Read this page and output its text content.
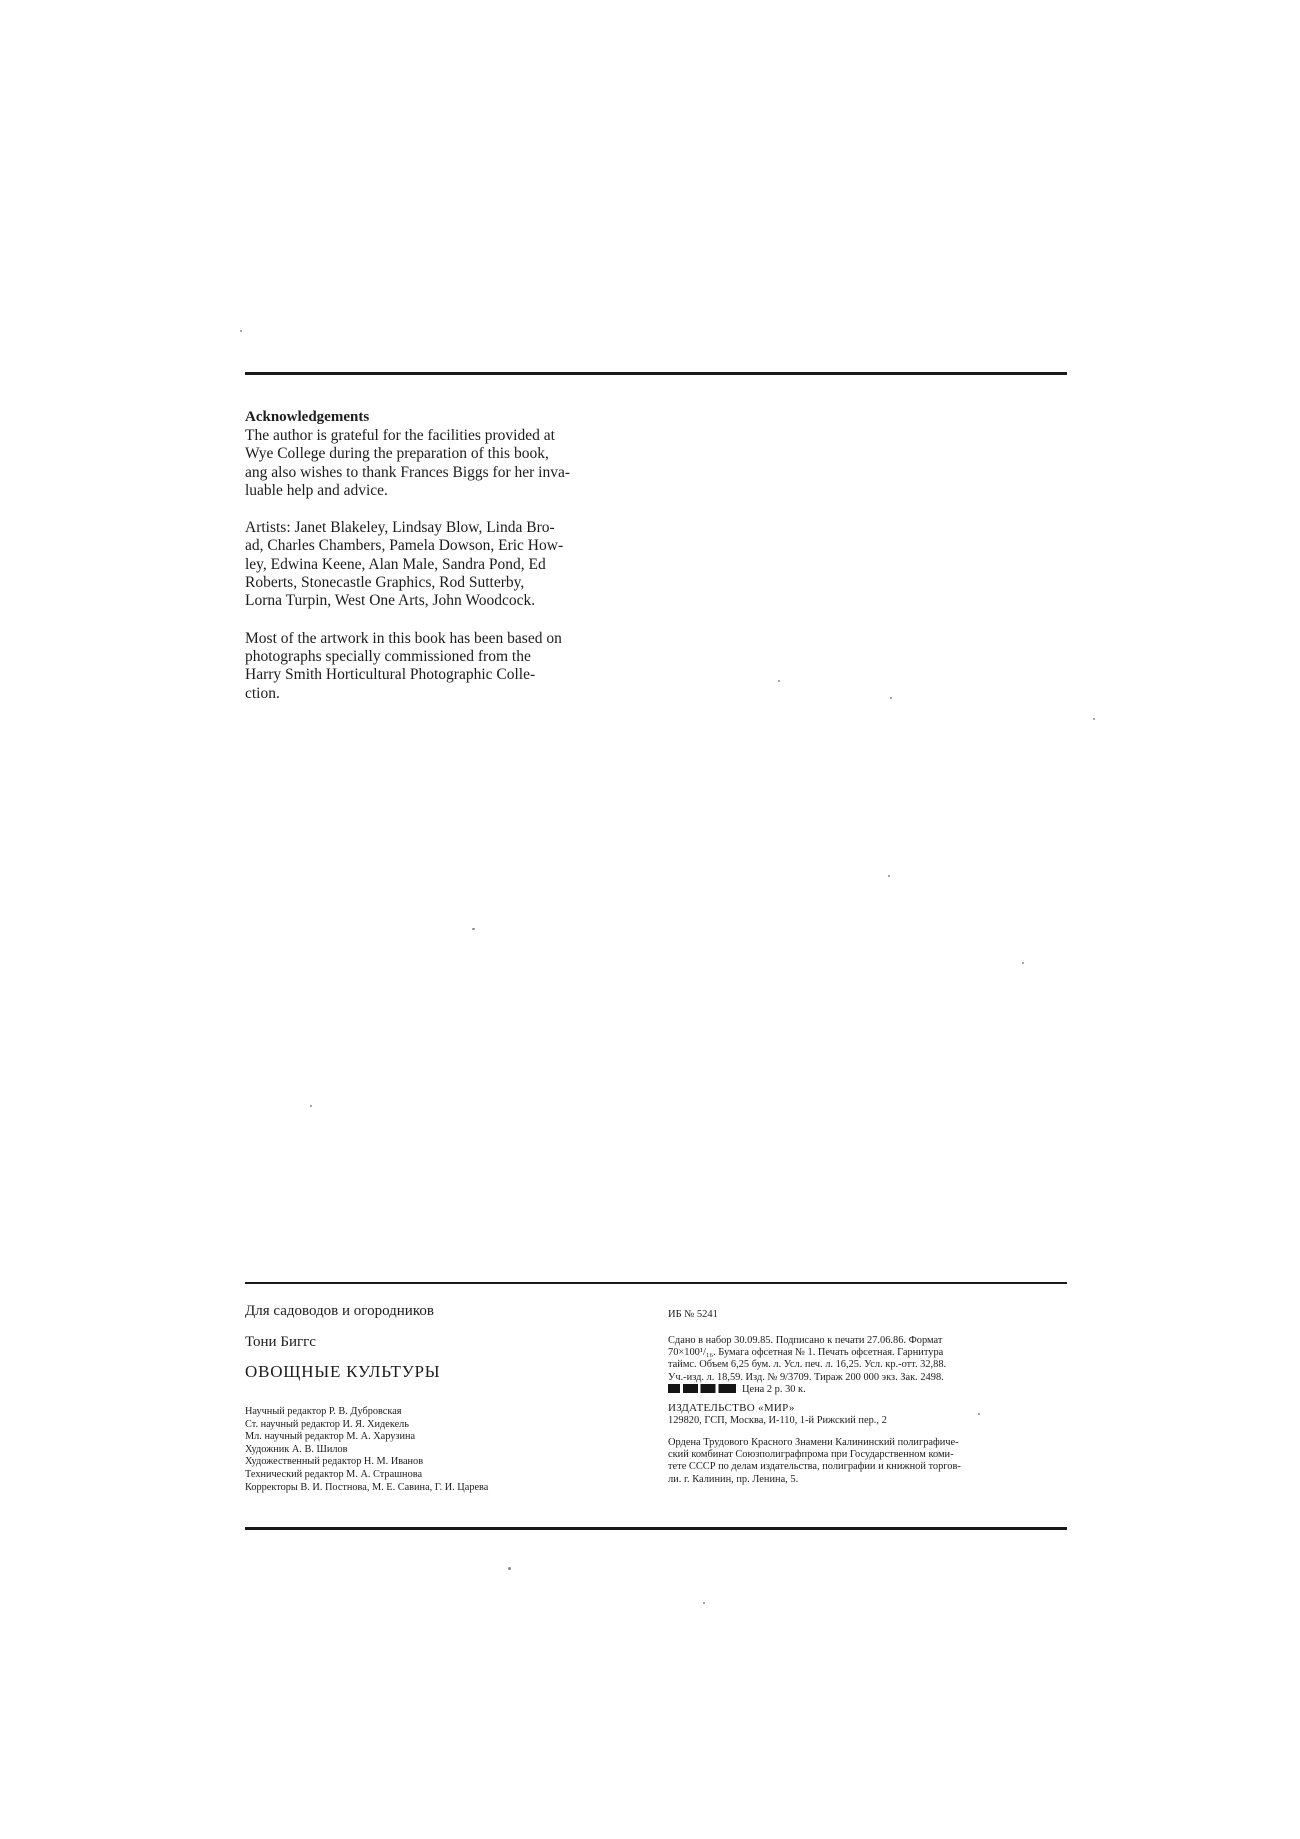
Acknowledgements

The author is grateful for the facilities provided at
Wye College during the preparation of this book,
ang also wishes to thank Frances Biggs for her inva-
luable help and advice.

Artists: Janet Blakeley, Lindsay Blow, Linda Bro-
ad, Charles Chambers, Pamela Dowson, Eric How-
ley, Edwina Keene, Alan Male, Sandra Pond, Ed
Roberts, Stonecastle Graphics, Rod Sutterby,
Lorna Turpin, West One Arts, John Woodcock.

Most of the artwork in this book has been based on
photographs specially commissioned from the
Harry Smith Horticultural Photographic Colle-
ction.

Для садоводов и огородников
Тони Биггс
ОВОЩНЫЕ КУЛЬТУРЫ
Научный редактор Р. В. Дубровская
Ст. научный редактор И. Я. Хидекель
Мл. научный редактор М. А. Харузина
Художник А. В. Шилов
Художественный редактор Н. М. Иванов
Технический редактор М. А. Страшнова
Корректоры В. И. Постнова, М. Е. Савина, Г. И. Царева
ИБ № 5241
Сдано в набор 30.09.85. Подписано к печати 27.06.86. Формат
70×100¹/₁₆. Бумага офсетная № 1. Печать офсетная. Гарнитура
таймс. Объем 6,25 бум. л. Усл. печ. л. 16,25. Усл. кр.-отт. 32,88.
Уч.-изд. л. 18,59. Изд. № 9/3709. Тираж 200 000 экз. Зак. 2498.
Цена 2 р. 30 к.
ИЗДАТЕЛЬСТВО «МИР»
129820, ГСП, Москва, И-110, 1-й Рижский пер., 2
Ордена Трудового Красного Знамени Калининский полиграфиче-
ский комбинат Союзполиграфпрома при Государственном коми-
тете СССР по делам издательства, полиграфии и книжной торгов-
ли. г. Калинин, пр. Ленина, 5.
